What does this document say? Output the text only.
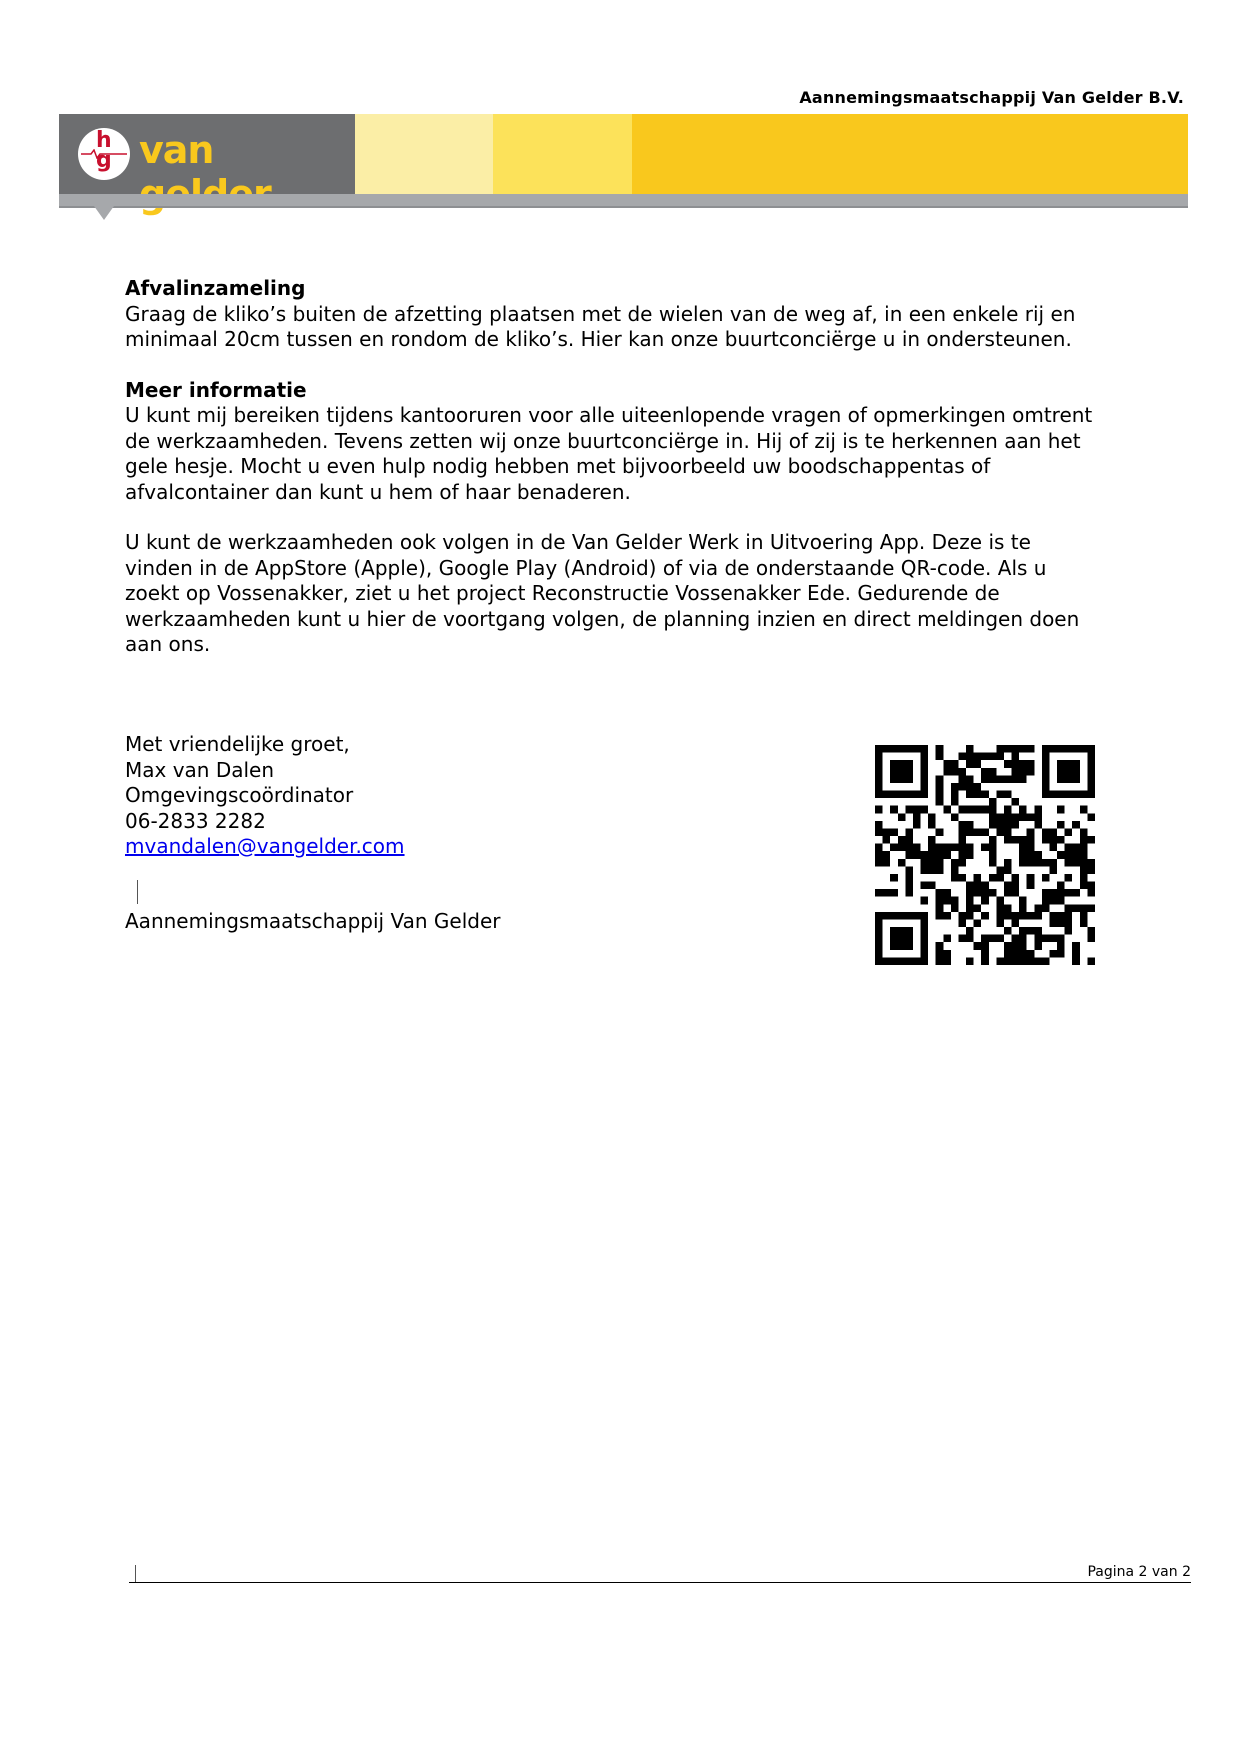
Aannemingsmaatschappij Van Gelder B.V.
h
g van

Afvalinzameling

Graag de kliko’s buiten de afzetting plaatsen met de wielen van de weg af, in een enkele rij en minimaal 20cm tussen en rondom de kliko’s. Hier kan onze buurtconciërge u in ondersteunen.

Meer informatie

U kunt mij bereiken tijdens kantooruren voor alle uiteenlopende vragen of opmerkingen omtrent de werkzaamheden. Tevens zetten wij onze buurtconciërge in. Hij of zij is te herkennen aan het gele hesje. Mocht u even hulp nodig hebben met bijvoorbeeld uw boodschappentas of afvalcontainer dan kunt u hem of haar benaderen.

U kunt de werkzaamheden ook volgen in de Van Gelder Werk in Uitvoering App. Deze is te vinden in de AppStore (Apple), Google Play (Android) of via de onderstaande QR-code. Als u zoekt op Vossenakker, ziet u het project Reconstructie Vossenakker Ede. Gedurende de werkzaamheden kunt u hier de voortgang volgen, de planning inzien en direct meldingen doen aan ons.

Met vriendelijke groet,
Max van Dalen
Omgevingscoördinator
06-2833 2282
mvandalen@vangelder.com
Aannemingsmaatschappij Van Gelder
Pagina 2 van 2
